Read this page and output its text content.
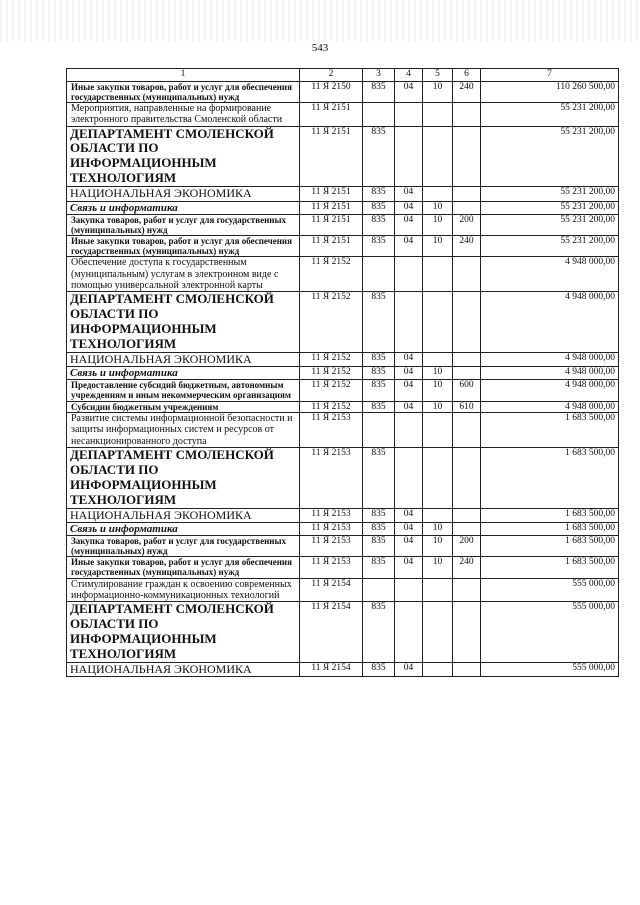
543
1	2	3	4	5	6	7
Иные закупки товаров, работ и услуг для обеспечения государственных (муниципальных) нужд	11 Я 2150	835	04	10	240	110 260 500,00
Мероприятия, направленные на формирование электронного правительства Смоленской области	11 Я 2151					55 231 200,00
ДЕПАРТАМЕНТ СМОЛЕНСКОЙ ОБЛАСТИ ПО ИНФОРМАЦИОННЫМ ТЕХНОЛОГИЯМ	11 Я 2151	835				55 231 200,00
НАЦИОНАЛЬНАЯ ЭКОНОМИКА	11 Я 2151	835	04			55 231 200,00
Связь и информатика	11 Я 2151	835	04	10		55 231 200,00
Закупка товаров, работ и услуг для государственных (муниципальных) нужд	11 Я 2151	835	04	10	200	55 231 200,00
Иные закупки товаров, работ и услуг для обеспечения государственных (муниципальных) нужд	11 Я 2151	835	04	10	240	55 231 200,00
Обеспечение доступа к государственным (муниципальным) услугам в электронном виде с помощью универсальной электронной карты	11 Я 2152					4 948 000,00
ДЕПАРТАМЕНТ СМОЛЕНСКОЙ ОБЛАСТИ ПО ИНФОРМАЦИОННЫМ ТЕХНОЛОГИЯМ	11 Я 2152	835				4 948 000,00
НАЦИОНАЛЬНАЯ ЭКОНОМИКА	11 Я 2152	835	04			4 948 000,00
Связь и информатика	11 Я 2152	835	04	10		4 948 000,00
Предоставление субсидий бюджетным, автономным учреждениям и иным некоммерческим организациям	11 Я 2152	835	04	10	600	4 948 000,00
Субсидии бюджетным учреждениям	11 Я 2152	835	04	10	610	4 948 000,00
Развитие системы информационной безопасности и защиты информационных систем и ресурсов от несанкционированного доступа	11 Я 2153					1 683 500,00
ДЕПАРТАМЕНТ СМОЛЕНСКОЙ ОБЛАСТИ ПО ИНФОРМАЦИОННЫМ ТЕХНОЛОГИЯМ	11 Я 2153	835				1 683 500,00
НАЦИОНАЛЬНАЯ ЭКОНОМИКА	11 Я 2153	835	04			1 683 500,00
Связь и информатика	11 Я 2153	835	04	10		1 683 500,00
Закупка товаров, работ и услуг для государственных (муниципальных) нужд	11 Я 2153	835	04	10	200	1 683 500,00
Иные закупки товаров, работ и услуг для обеспечения государственных (муниципальных) нужд	11 Я 2153	835	04	10	240	1 683 500,00
Стимулирование граждан к освоению современных информационно-коммуникационных технологий	11 Я 2154					555 000,00
ДЕПАРТАМЕНТ СМОЛЕНСКОЙ ОБЛАСТИ ПО ИНФОРМАЦИОННЫМ ТЕХНОЛОГИЯМ	11 Я 2154	835				555 000,00
НАЦИОНАЛЬНАЯ ЭКОНОМИКА	11 Я 2154	835	04			555 000,00
